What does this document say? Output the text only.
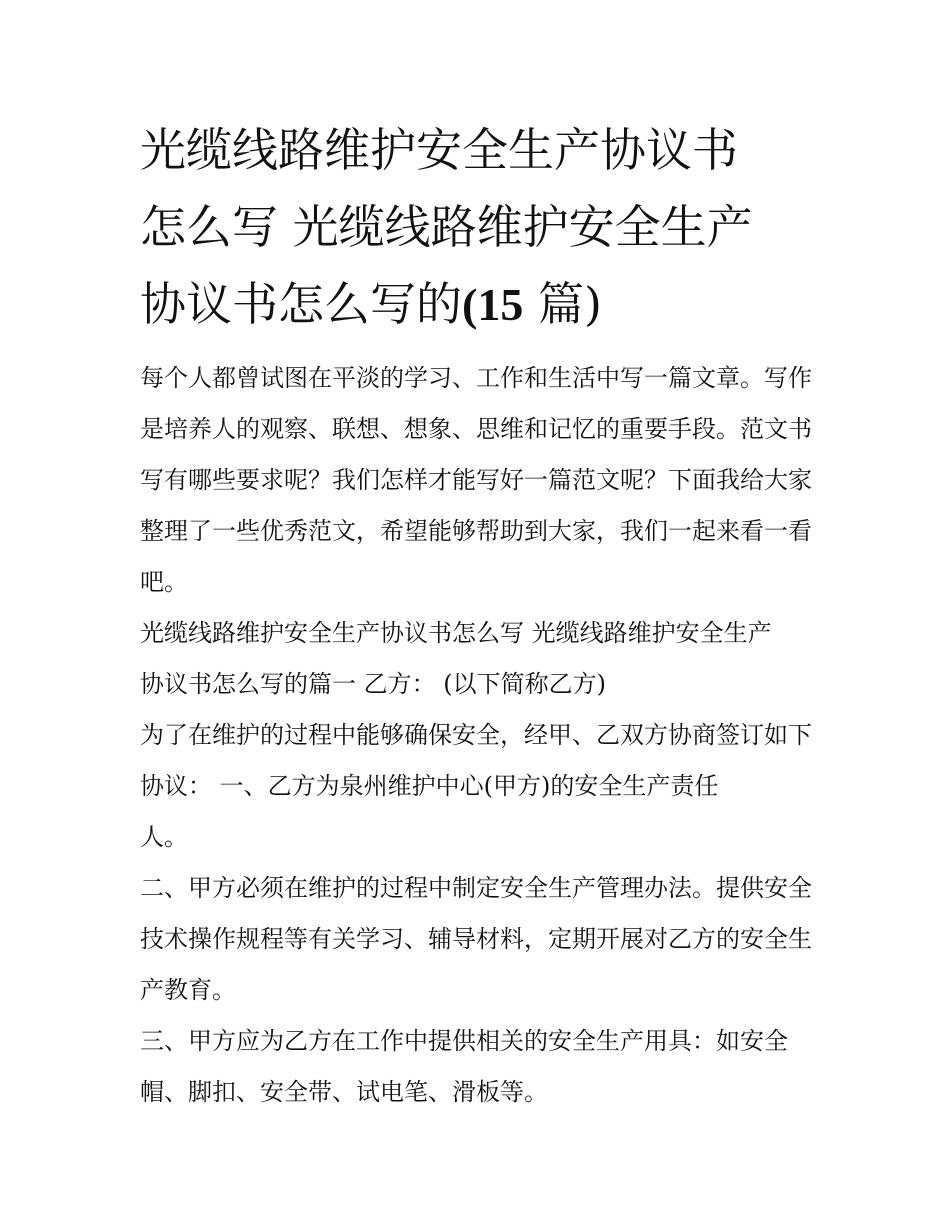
光缆线路维护安全生产协议书
怎么写 光缆线路维护安全生产
协议书怎么写的(15 篇)

每个人都曾试图在平淡的学习、工作和生活中写一篇文章。写作是培养人的观察、联想、想象、思维和记忆的重要手段。范文书写有哪些要求呢？我们怎样才能写好一篇范文呢？下面我给大家整理了一些优秀范文，希望能够帮助到大家，我们一起来看一看吧。

光缆线路维护安全生产协议书怎么写 光缆线路维护安全生产

协议书怎么写的篇一 乙方： (以下简称乙方)

为了在维护的过程中能够确保安全，经甲、乙双方协商签订如下协议： 一、乙方为泉州维护中心(甲方)的安全生产责任

人。

二、甲方必须在维护的过程中制定安全生产管理办法。提供安全技术操作规程等有关学习、辅导材料，定期开展对乙方的安全生产教育。

三、甲方应为乙方在工作中提供相关的安全生产用具：如安全帽、脚扣、安全带、试电笔、滑板等。
